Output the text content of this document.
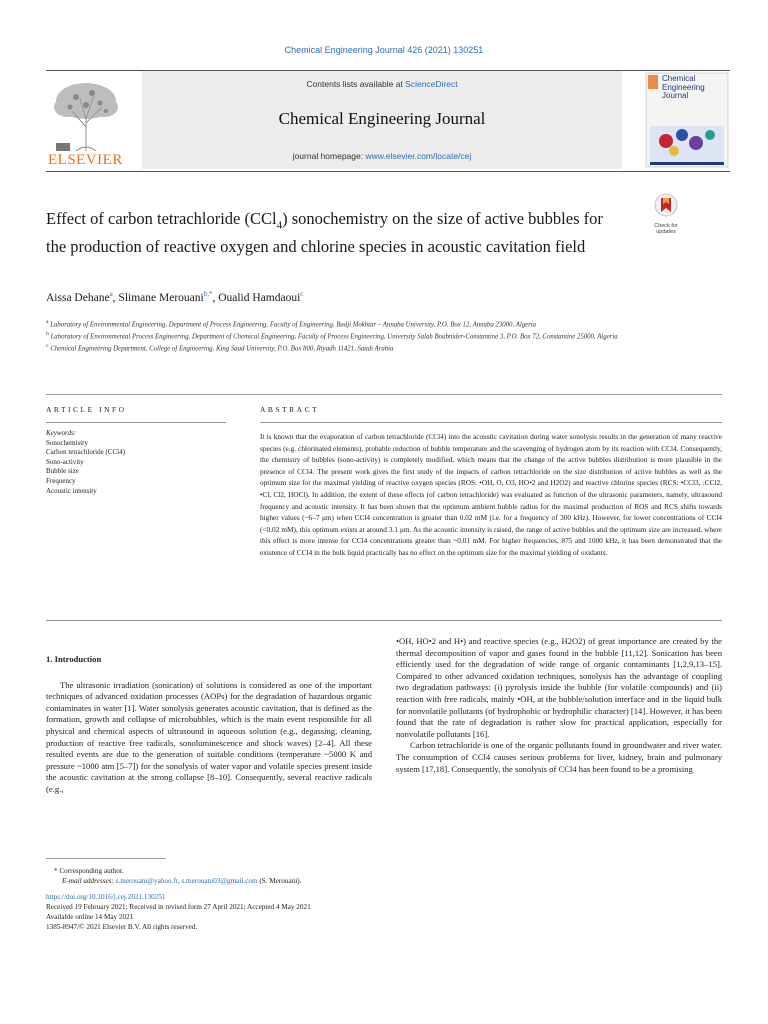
Chemical Engineering Journal 426 (2021) 130251
ELSEVIER
Contents lists available at ScienceDirect
Chemical Engineering Journal
journal homepage: www.elsevier.com/locate/cej
Chemical
Engineering
Journal
Effect of carbon tetrachloride (CCl$_4$) sonochemistry on the size of active bubbles for the production of reactive oxygen and chlorine species in acoustic cavitation field
Check for
updates
Aissa Dehane$^a$, Slimane Merouani$^{b,*}$, Oualid Hamdaoui$^c$
$^a$ Laboratory of Environmental Engineering, Department of Process Engineering, Faculty of Engineering, Badji Mokhtar – Annaba University, P.O. Box 12, Annaba 23000, Algeria
$^b$ Laboratory of Environmental Process Engineering, Department of Chemical Engineering, Faculty of Process Engineering, University Salah Boubnider-Constantine 3, P.O. Box 72, Constantine 25000, Algeria
$^c$ Chemical Engineering Department, College of Engineering, King Saud University, P.O. Box 800, Riyadh 11421, Saudi Arabia
ARTICLE INFO	ABSTRACT
Keywords:
Sonochemistry
Carbon tetrachloride (CCl4)
Sono-activity
Bubble size
Frequency
Acoustic intensity
It is known that the evaporation of carbon tetrachloride (CCl4) into the acoustic cavitation during water sonolysis results in the generation of many reactive species (e.g. chlorinated elements), probable reduction of bubble temperature and the scavenging of hydrogen atom by its reaction with CCl4. Consequently, the chemistry of bubbles (sono-activity) is completely modified, which means that the change of the active bubbles distribution is more plausible in the presence of CCl4. The present work gives the first study of the impacts of carbon tetrachloride on the size distribution of active bubbles as well as the optimum size for the maximal yielding of reactive oxygen species (ROS: •OH, O, O3, HO•2 and H2O2) and reactive chlorine species (RCS: •CCl3, :CCl2, •Cl, Cl2, HOCl). In addition, the extent of these effects (of carbon tetrachloride) was evaluated as function of the ultrasonic parameters, namely, ultrasound frequency and acoustic intensity. It has been shown that the optimum ambient bubble radius for the maximal production of ROS and RCS shifts towards higher values (~6–7 μm) when CCl4 concentration is greater than 0.02 mM (i.e. for a frequency of 300 kHz). However, for lower concentrations of CCl4 (<0.02 mM), this optimum exists at around 3.1 μm. As the acoustic intensity is raised, the range of active bubbles and the optimum size are increased, where this effect is more intense for CCl4 concentrations greater than ~0.01 mM. For higher frequencies, 875 and 1000 kHz, it has been demonstrated that the existence of CCl4 in the bulk liquid practically has no effect on the optimum size for the maximal yielding of oxidants.
1. Introduction
The ultrasonic irradiation (sonication) of solutions is considered as one of the important techniques of advanced oxidation processes (AOPs) for the degradation of hazardous organic contaminates in water [1]. Water sonolysis generates acoustic cavitation, that is defined as the formation, growth and collapse of microbubbles, which is the main event responsible for all physical and chemical aspects of ultrasound in aqueous solution (e.g., degassing, cleaning, production of reactive free radicals, sonoluminescence and shock waves) [2–4]. All these resulted events are due to the generation of suitable conditions (temperature ~5000 K and pressure ~1000 atm [5–7]) for the sonolysis of water vapor and volatile species present inside the acoustic cavitation at the strong collapse [8–10]. Consequently, several reactive radicals (e.g.,
•OH, HO•2 and H•) and reactive species (e.g., H2O2) of great importance are created by the thermal decomposition of vapor and gases found in the bubble [11,12]. Sonication has been efficiently used for the degradation of wide range of organic contaminants [1,2,9,13–15]. Compared to other advanced oxidation techniques, sonolysis has the advantage of coupling two degradation pathways: (i) pyrolysis inside the bubble (for volatile compounds) and (ii) reaction with free radicals, mainly •OH, at the bubble/solution interface and in the liquid bulk for nonvolatile pollutants (of hydrophobic or hydrophilic character) [14]. However, it has been found that the rate of degradation is rather slow for practical application, especially for nonvolatile pollutants [16].
Carbon tetrachloride is one of the organic pollutants found in groundwater and river water. The consumption of CCl4 causes serious problems for liver, kidney, brain and pulmonary system [17,18]. Consequently, the sonolysis of CCl4 has been found to be a promising
* Corresponding author.
E-mail addresses: s.merouani@yahoo.fr, s.merouani03@gmail.com (S. Merouani).
https://doi.org/10.1016/j.cej.2021.130251
Received 19 February 2021; Received in revised form 27 April 2021; Accepted 4 May 2021
Available online 14 May 2021
1385-8947/© 2021 Elsevier B.V. All rights reserved.
